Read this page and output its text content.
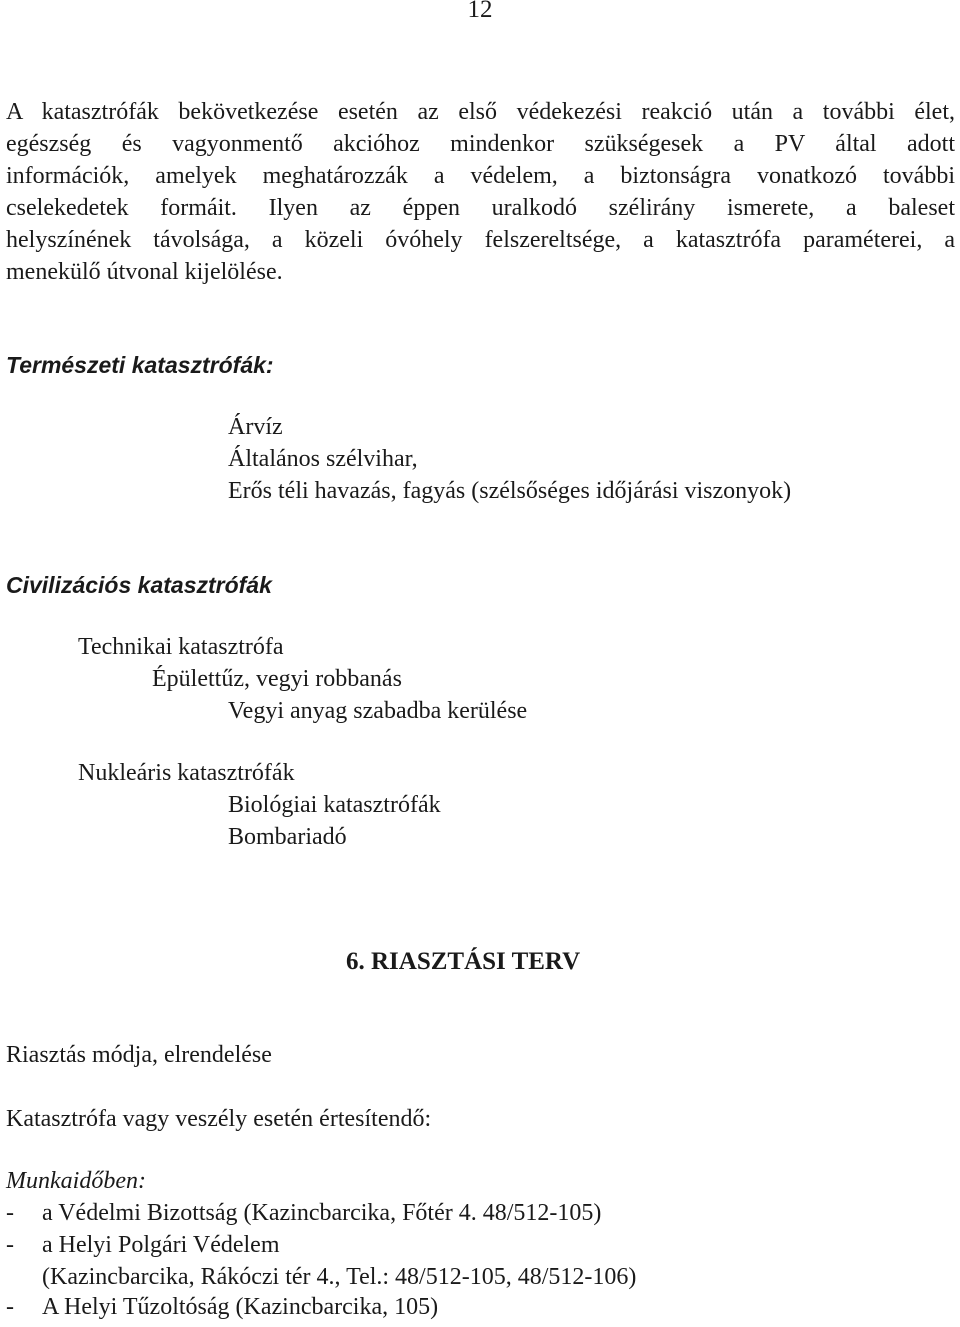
12
A katasztrófák bekövetkezése esetén az első védekezési reakció után a további élet,
egészség és vagyonmentő akcióhoz mindenkor szükségesek a PV által adott
információk, amelyek meghatározzák a védelem, a biztonságra vonatkozó további
cselekedetek formáit. Ilyen az éppen uralkodó szélirány ismerete, a baleset
helyszínének távolsága, a közeli óvóhely felszereltsége, a katasztrófa paraméterei, a
menekülő útvonal kijelölése.
Természeti katasztrófák:
Árvíz
Általános szélvihar,
Erős téli havazás, fagyás (szélsőséges időjárási viszonyok)
Civilizációs katasztrófák
Technikai katasztrófa
Épülettűz, vegyi robbanás
Vegyi anyag szabadba kerülése
Nukleáris katasztrófák
Biológiai katasztrófák
Bombariadó
6. RIASZTÁSI TERV
Riasztás módja, elrendelése
Katasztrófa vagy veszély esetén értesítendő:
Munkaidőben:
- a Védelmi Bizottság (Kazincbarcika, Főtér 4. 48/512-105)
- a Helyi Polgári Védelem
(Kazincbarcika, Rákóczi tér 4., Tel.: 48/512-105, 48/512-106)
- A Helyi Tűzoltóság (Kazincbarcika, 105)
